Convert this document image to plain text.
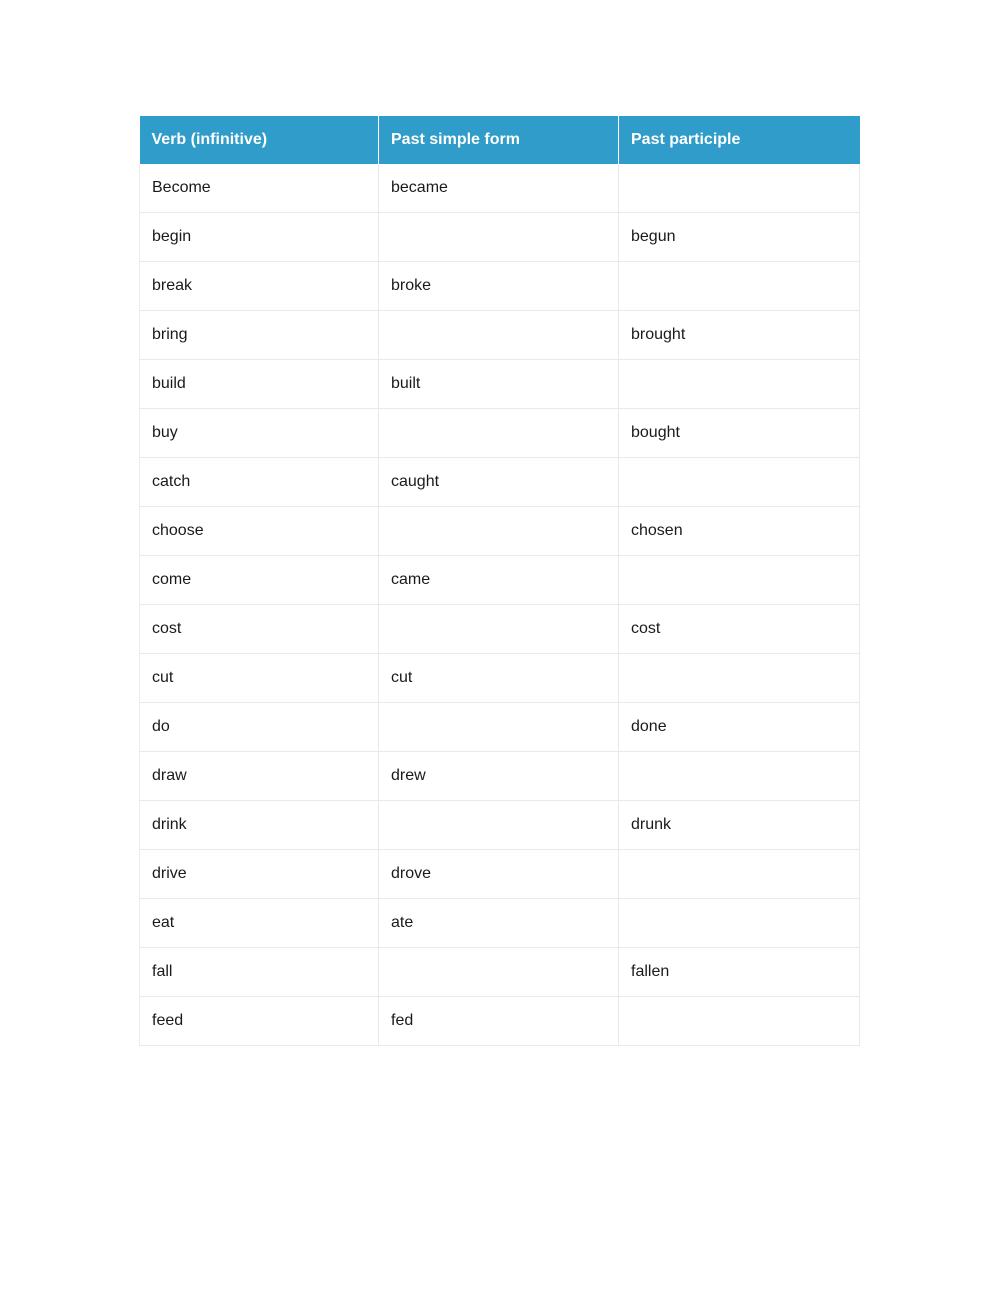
Verb (infinitive)	Past simple form	Past participle
Become	became	
begin		begun
break	broke	
bring		brought
build	built	
buy		bought
catch	caught	
choose		chosen
come	came	
cost		cost
cut	cut	
do		done
draw	drew	
drink		drunk
drive	drove	
eat	ate	
fall		fallen
feed	fed	
